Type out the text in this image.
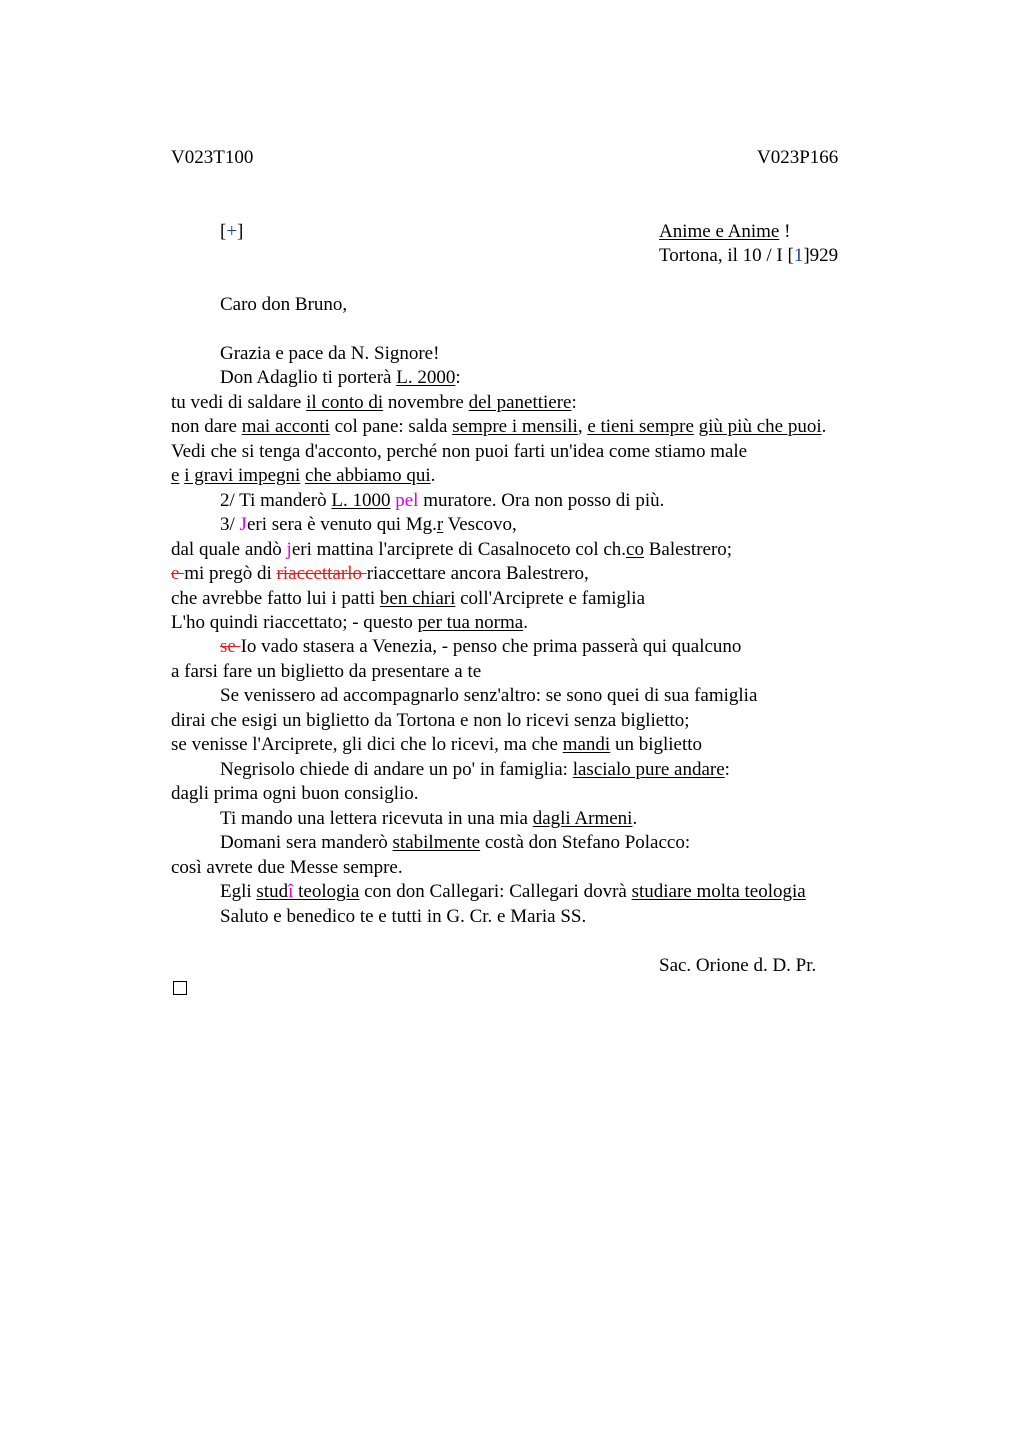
V023T100	V023P166
[+]	Anime e Anime !
Tortona, il 10 / I [1]929
Caro don Bruno,
Grazia e pace da N. Signore!
Don Adaglio ti porterà L. 2000:
tu vedi di saldare il conto di novembre del panettiere:
non dare mai acconti col pane: salda sempre i mensili, e tieni sempre giù più che puoi.
Vedi che si tenga d'acconto, perché non puoi farti un'idea come stiamo male
e i gravi impegni che abbiamo qui.
2/ Ti manderò L. 1000 pel muratore. Ora non posso di più.
3/ Jeri sera è venuto qui Mg.r Vescovo,
dal quale andò jeri mattina l'arciprete di Casalnoceto col ch.co Balestrero;
e mi pregò di riaccettarlo riaccettare ancora Balestrero,
che avrebbe fatto lui i patti ben chiari coll'Arciprete e famiglia
L'ho quindi riaccettato; - questo per tua norma.
se Io vado stasera a Venezia, - penso che prima passerà qui qualcuno
a farsi fare un biglietto da presentare a te
Se venissero ad accompagnarlo senz'altro: se sono quei di sua famiglia
dirai che esigi un biglietto da Tortona e non lo ricevi senza biglietto;
se venisse l'Arciprete, gli dici che lo ricevi, ma che mandi un biglietto
Negrisolo chiede di andare un po' in famiglia: lascialo pure andare:
dagli prima ogni buon consiglio.
Ti mando una lettera ricevuta in una mia dagli Armeni.
Domani sera manderò stabilmente costà don Stefano Polacco:
così avrete due Messe sempre.
Egli studî teologia con don Callegari: Callegari dovrà studiare molta teologia
Saluto e benedico te e tutti in G. Cr. e Maria SS.
Sac. Orione d. D. Pr.
